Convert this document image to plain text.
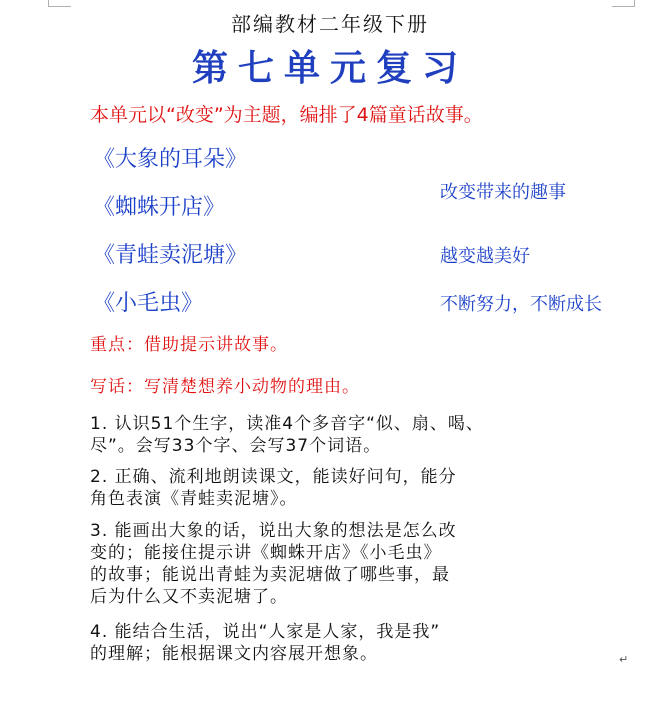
部编教材二年级下册
第七单元复习
本单元以“改变”为主题，编排了4篇童话故事。
《大象的耳朵》
《蜘蛛开店》
《青蛙卖泥塘》
《小毛虫》
改变带来的趣事
越变越美好
不断努力，不断成长
重点：借助提示讲故事。
写话：写清楚想养小动物的理由。
1. 认识51个生字，读准4个多音字“似、扇、喝、
尽”。会写33个字、会写37个词语。
2. 正确、流利地朗读课文，能读好问句，能分
角色表演《青蛙卖泥塘》。
3. 能画出大象的话，说出大象的想法是怎么改
变的；能接住提示讲《蜘蛛开店》《小毛虫》
的故事；能说出青蛙为卖泥塘做了哪些事，最
后为什么又不卖泥塘了。
4. 能结合生活，说出“人家是人家，我是我”
的理解；能根据课文内容展开想象。	↵
